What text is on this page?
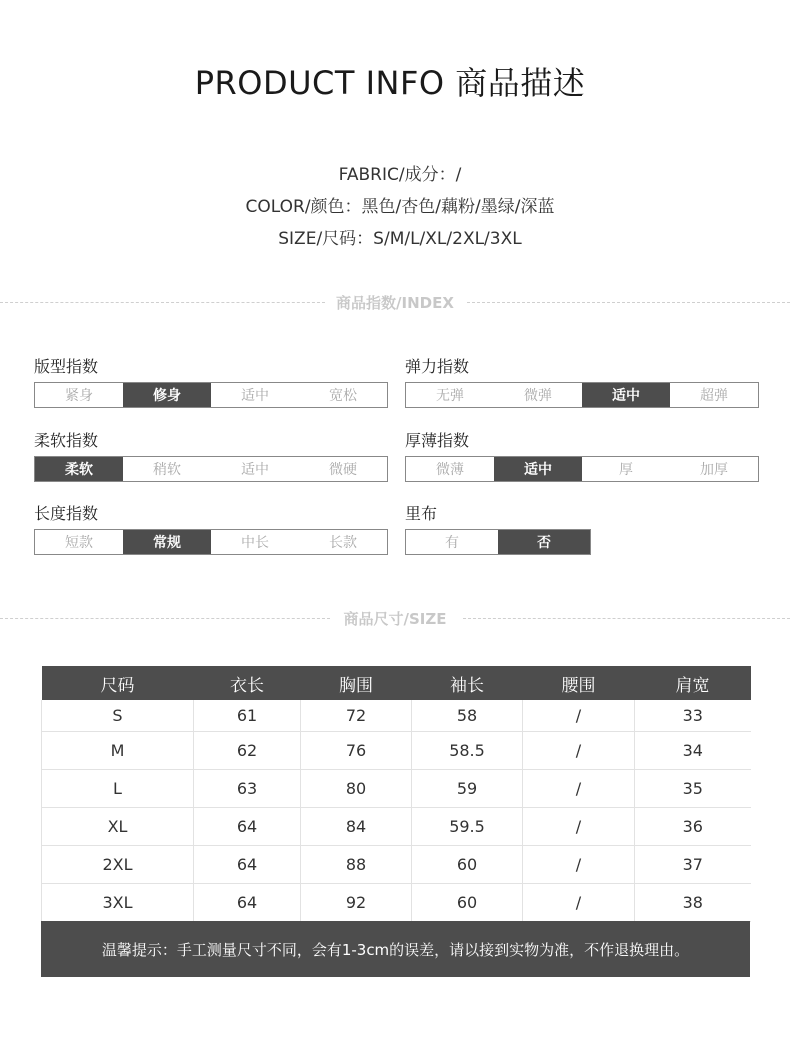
PRODUCT INFO 商品描述
FABRIC/成分：/
COLOR/颜色：黑色/杏色/藕粉/墨绿/深蓝
SIZE/尺码：S/M/L/XL/2XL/3XL
商品指数/INDEX
版型指数
紧身	修身	适中	宽松
弹力指数
无弹	微弹	适中	超弹
柔软指数
柔软	稍软	适中	微硬
厚薄指数
微薄	适中	厚	加厚
长度指数
短款	常规	中长	长款
里布
有	否
商品尺寸/SIZE
尺码	衣长	胸围	袖长	腰围	肩宽
S	61	72	58	/	33
M	62	76	58.5	/	34
L	63	80	59	/	35
XL	64	84	59.5	/	36
2XL	64	88	60	/	37
3XL	64	92	60	/	38
温馨提示：手工测量尺寸不同，会有1-3cm的误差，请以接到实物为准，不作退换理由。
